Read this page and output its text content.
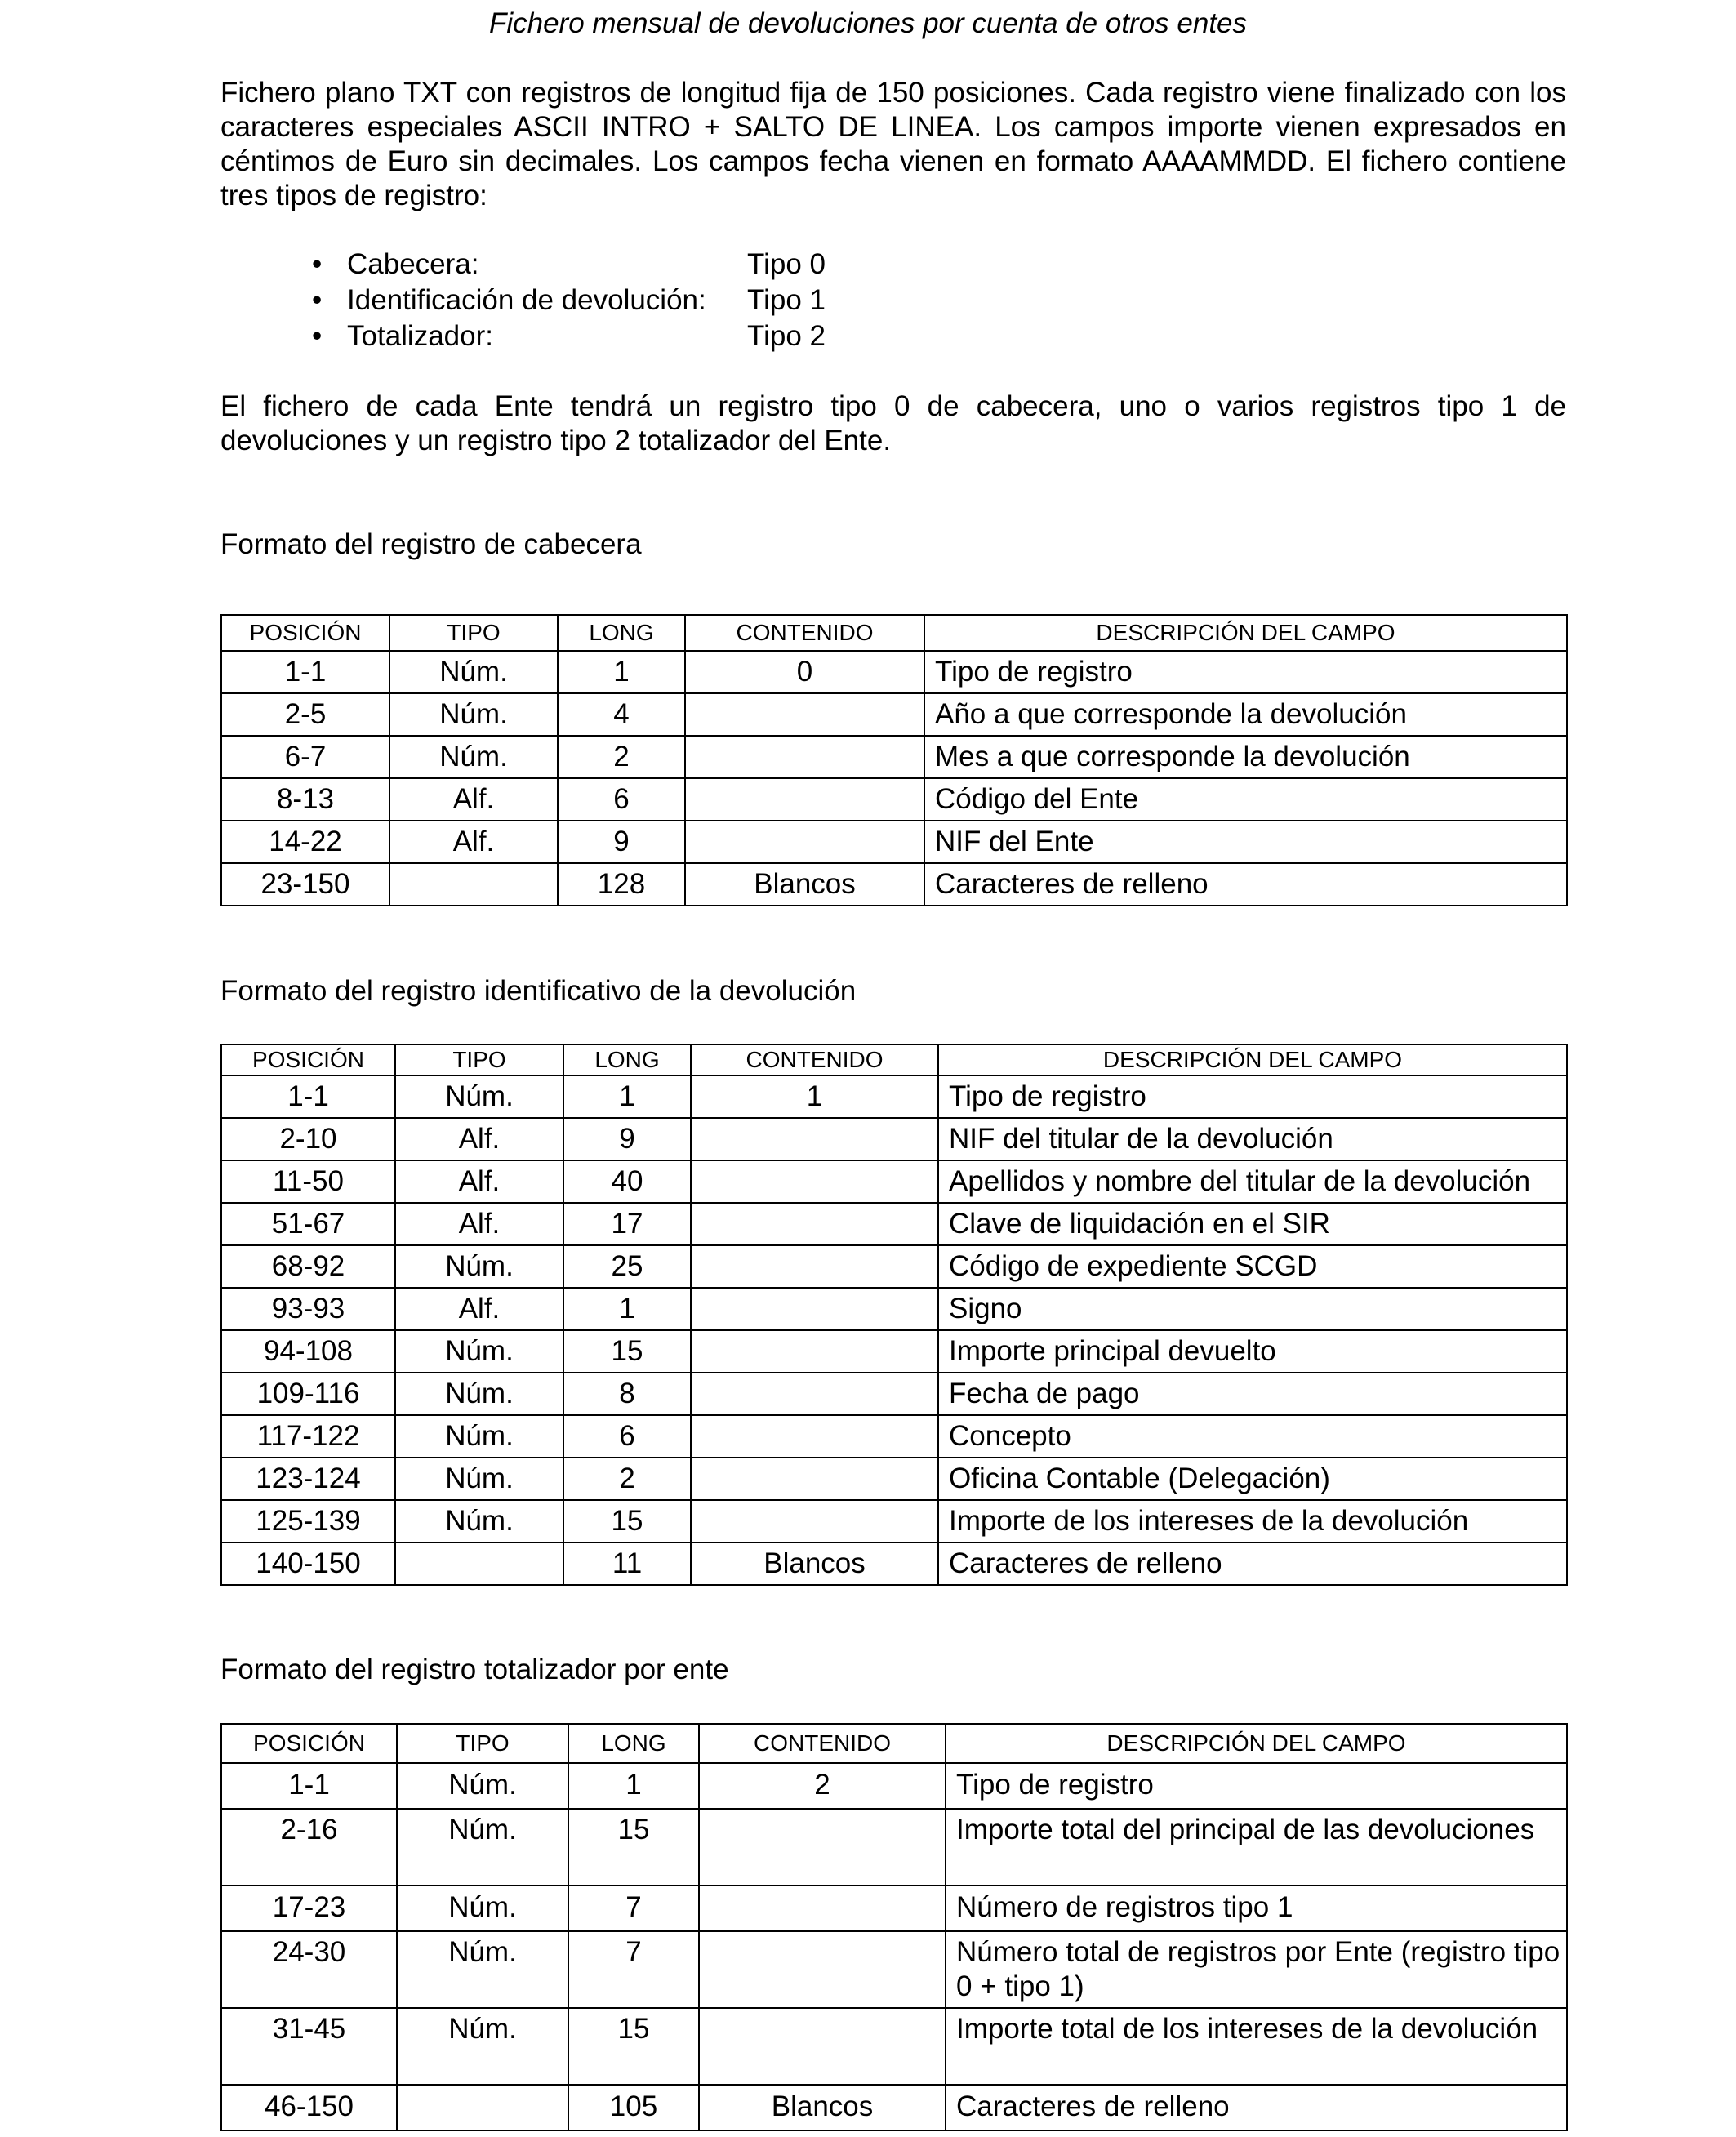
Fichero mensual de devoluciones por cuenta de otros entes
Fichero plano TXT con registros de longitud fija de 150 posiciones. Cada registro viene finalizado con los caracteres especiales ASCII INTRO + SALTO DE LINEA. Los campos importe vienen expresados en céntimos de Euro sin decimales. Los campos fecha vienen en formato AAAAMMDD. El fichero contiene tres tipos de registro:
• Cabecera:	Tipo 0
• Identificación de devolución: Tipo 1
• Totalizador:	Tipo 2
El fichero de cada Ente tendrá un registro tipo 0 de cabecera, uno o varios registros tipo 1 de devoluciones y un registro tipo 2 totalizador del Ente.
Formato del registro de cabecera
POSICIÓN	TIPO	LONG	CONTENIDO	DESCRIPCIÓN DEL CAMPO
1-1	Núm.	1	0	Tipo de registro
2-5	Núm.	4		Año a que corresponde la devolución
6-7	Núm.	2		Mes a que corresponde la devolución
8-13	Alf.	6		Código del Ente
14-22	Alf.	9		NIF del Ente
23-150		128	Blancos	Caracteres de relleno
Formato del registro identificativo de la devolución
POSICIÓN	TIPO	LONG	CONTENIDO	DESCRIPCIÓN DEL CAMPO
1-1	Núm.	1	1	Tipo de registro
2-10	Alf.	9		NIF del titular de la devolución
11-50	Alf.	40		Apellidos y nombre del titular de la devolución
51-67	Alf.	17		Clave de liquidación en el SIR
68-92	Núm.	25		Código de expediente SCGD
93-93	Alf.	1		Signo
94-108	Núm.	15		Importe principal devuelto
109-116	Núm.	8		Fecha de pago
117-122	Núm.	6		Concepto
123-124	Núm.	2		Oficina Contable (Delegación)
125-139	Núm.	15		Importe de los intereses de la devolución
140-150		11	Blancos	Caracteres de relleno
Formato del registro totalizador por ente
POSICIÓN	TIPO	LONG	CONTENIDO	DESCRIPCIÓN DEL CAMPO
1-1	Núm.	1	2	Tipo de registro
2-16	Núm.	15		Importe total del principal de las devoluciones
17-23	Núm.	7		Número de registros tipo 1
24-30	Núm.	7		Número total de registros por Ente (registro tipo 0 + tipo 1)
31-45	Núm.	15		Importe total de los intereses de la devolución
46-150		105	Blancos	Caracteres de relleno
